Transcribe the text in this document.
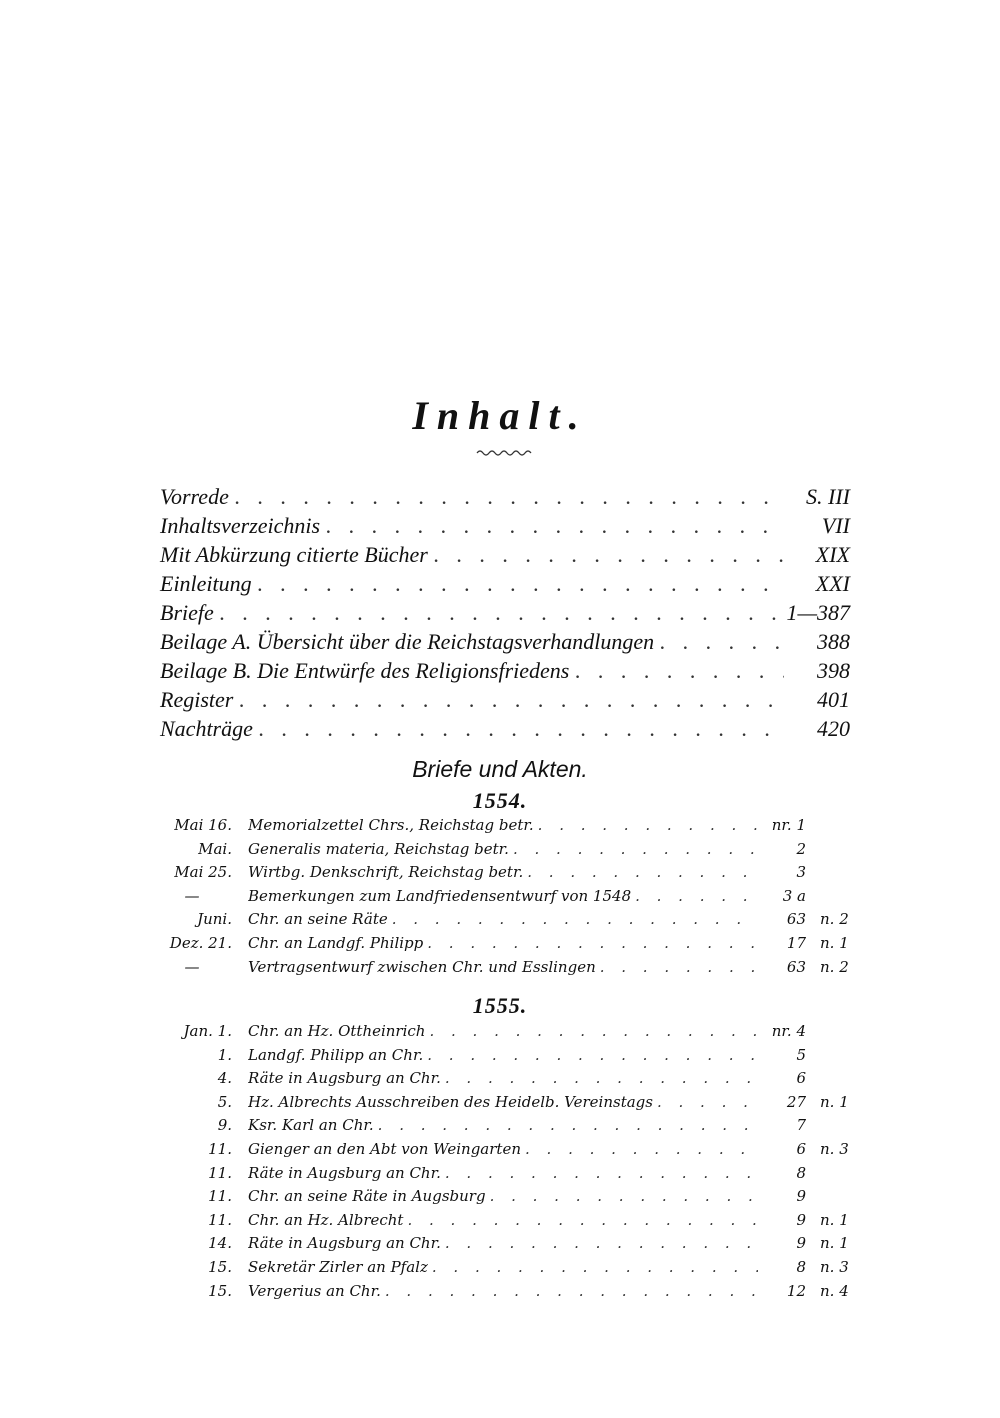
Inhalt.
Vorrede . . .	S. III
Inhaltsverzeichnis . . .	VII
Mit Abkürzung citierte Bücher . . .	XIX
Einleitung . . .	XXI
Briefe . . .	1—387
Beilage A. Übersicht über die Reichstagsverhandlungen . . .	388
Beilage B. Die Entwürfe des Religionsfriedens . . .	398
Register . . .	401
Nachträge . . .	420
Briefe und Akten.
1554.
Mai 16. Memorialzettel Chrs., Reichstag betr. . . .	nr. 1
Mai. Generalis materia, Reichstag betr. . . .	2
Mai 25. Wirtbg. Denkschrift, Reichstag betr. . . .	3
—	Bemerkungen zum Landfriedensentwurf von 1548 . . .	3 a
Juni. Chr. an seine Räte . . .	63 n. 2
Dez. 21. Chr. an Landgf. Philipp . . .	17 n. 1
—	Vertragsentwurf zwischen Chr. und Esslingen . . .	63 n. 2
1555.
Jan. 1. Chr. an Hz. Ottheinrich . . .	nr. 4
1. Landgf. Philipp an Chr. . . .	5
4. Räte in Augsburg an Chr. . . .	6
5. Hz. Albrechts Ausschreiben des Heidelb. Vereinstags . . .	27 n. 1
9. Ksr. Karl an Chr. . . .	7
11. Gienger an den Abt von Weingarten . . .	6 n. 3
11. Räte in Augsburg an Chr. . . .	8
11. Chr. an seine Räte in Augsburg . . .	9
11. Chr. an Hz. Albrecht . . .	9 n. 1
14. Räte in Augsburg an Chr. . . .	9 n. 1
15. Sekretär Zirler an Pfalz . . .	8 n. 3
15. Vergerius an Chr. . . .	12 n. 4
